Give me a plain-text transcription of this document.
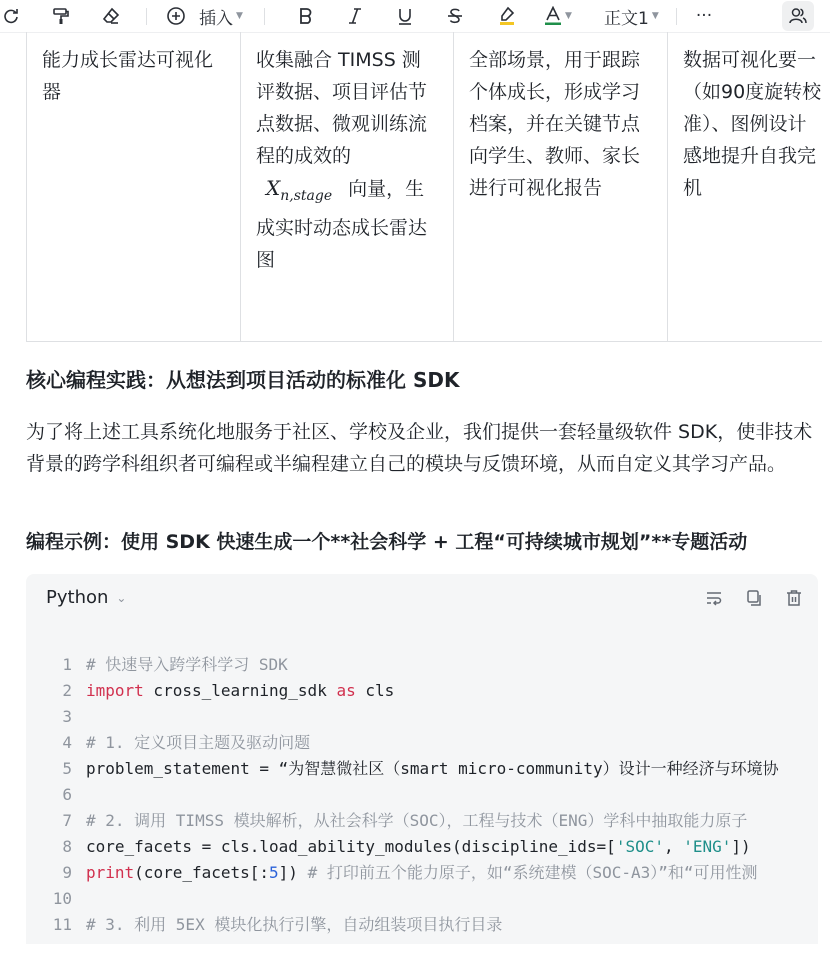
插入 ▼	▼ 正文1 ▼ ···
能力成长雷达可视化
器
收集融合 TIMSS 测
评数据、项目评估节
点数据、微观训练流
程的成效的
$X_{n,stage}$ 向量，生
成实时动态成长雷达
图
全部场景，用于跟踪
个体成长，形成学习
档案，并在关键节点
向学生、教师、家长
进行可视化报告
数据可视化要一
（如90度旋转校
准）、图例设计
感地提升自我完
机
核心编程实践：从想法到项目活动的标准化 SDK
为了将上述工具系统化地服务于社区、学校及企业，我们提供一套轻量级软件 SDK，使非技术背景的跨学科组织者可编程或半编程建立自己的模块与反馈环境，从而自定义其学习产品。
编程示例：使用 SDK 快速生成一个**社会科学 + 工程“可持续城市规划”**专题活动
Python ⌄
1 # 快速导入跨学科学习 SDK
2 import cross_learning_sdk as cls
3
4 # 1. 定义项目主题及驱动问题
5 problem_statement = “为智慧微社区（smart micro-community）设计一种经济与环境协
6
7 # 2. 调用 TIMSS 模块解析，从社会科学（SOC），工程与技术（ENG）学科中抽取能力原子
8 core_facets = cls.load_ability_modules(discipline_ids=['SOC', 'ENG'])
9 print(core_facets[:5]) # 打印前五个能力原子，如“系统建模（SOC-A3）”和“可用性测
10
11 # 3. 利用 5EX 模块化执行引擎，自动组装项目执行目录
